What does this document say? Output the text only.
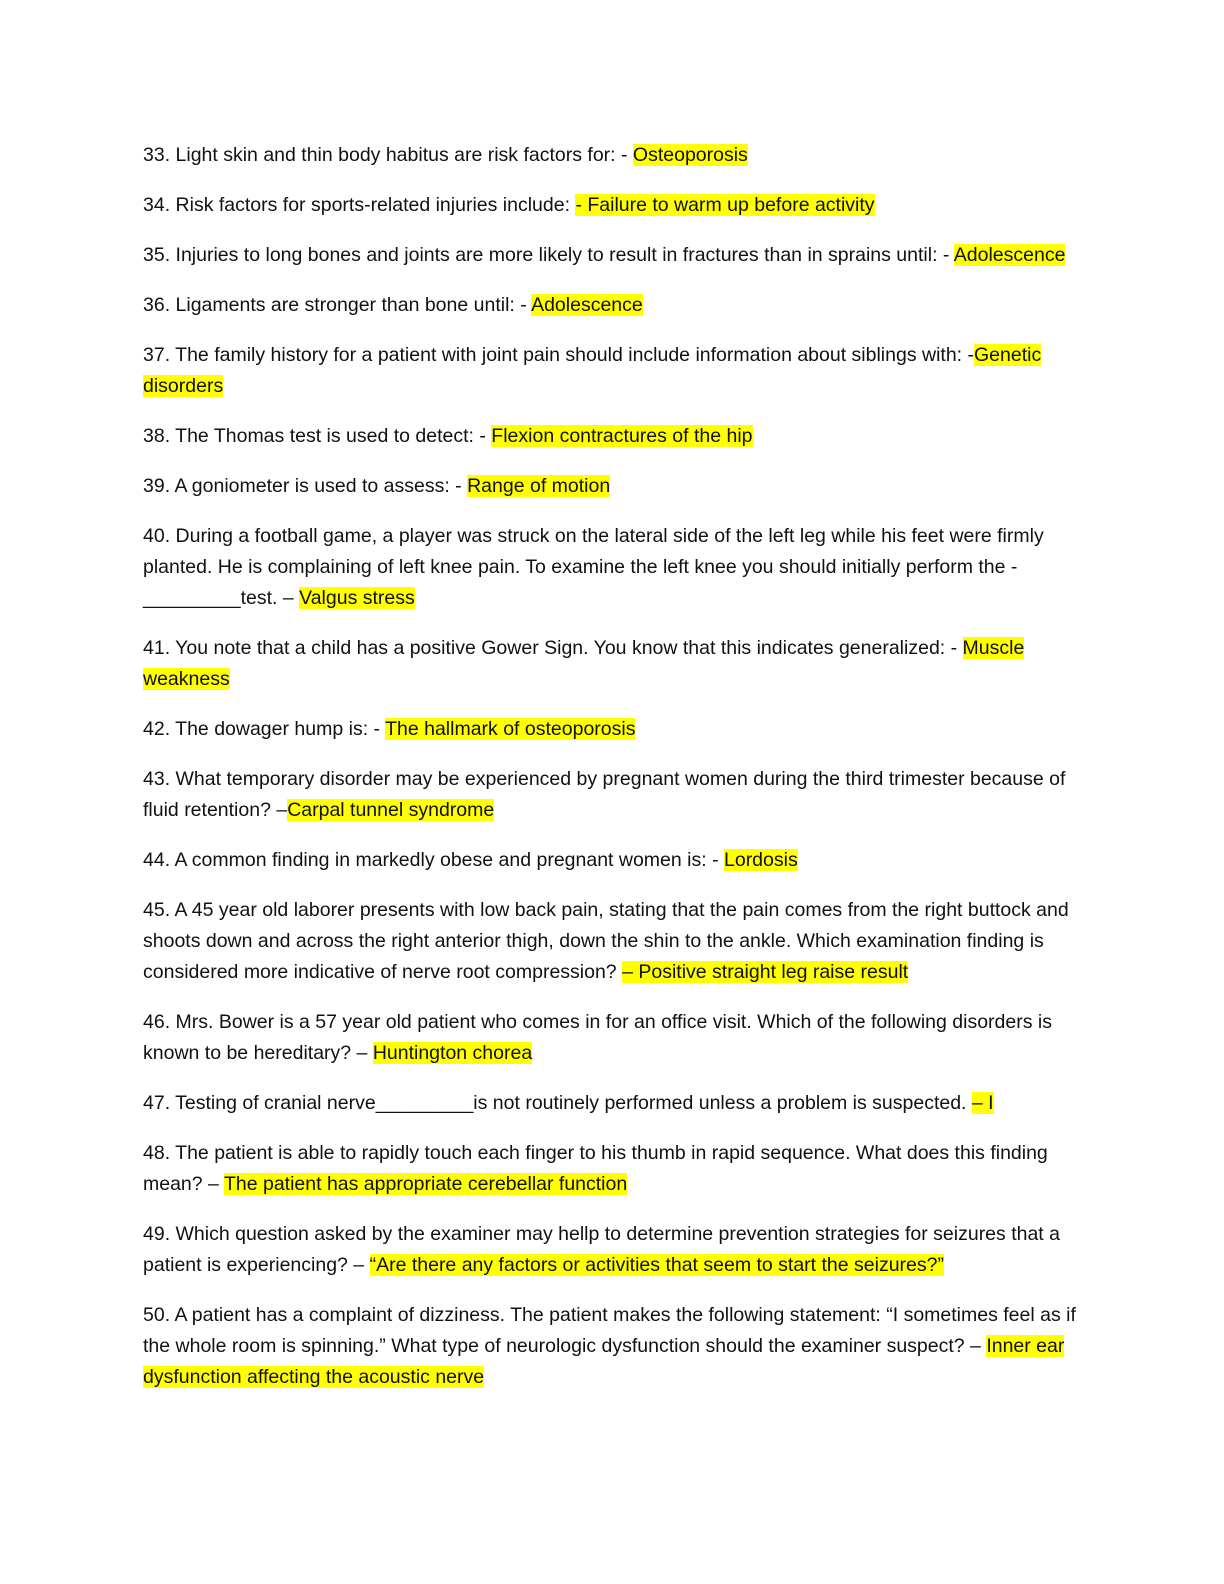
33. Light skin and thin body habitus are risk factors for: - Osteoporosis

34. Risk factors for sports-related injuries include: - Failure to warm up before activity

35. Injuries to long bones and joints are more likely to result in fractures than in sprains until: - Adolescence

36. Ligaments are stronger than bone until: - Adolescence

37. The family history for a patient with joint pain should include information about siblings with: -Genetic disorders

38. The Thomas test is used to detect: - Flexion contractures of the hip

39. A goniometer is used to assess: - Range of motion

40. During a football game, a player was struck on the lateral side of the left leg while his feet were firmly planted. He is complaining of left knee pain. To examine the left knee you should initially perform the - _________test. – Valgus stress

41. You note that a child has a positive Gower Sign. You know that this indicates generalized: - Muscle weakness

42. The dowager hump is: - The hallmark of osteoporosis

43. What temporary disorder may be experienced by pregnant women during the third trimester because of fluid retention? –Carpal tunnel syndrome

44. A common finding in markedly obese and pregnant women is: - Lordosis

45. A 45 year old laborer presents with low back pain, stating that the pain comes from the right buttock and shoots down and across the right anterior thigh, down the shin to the ankle. Which examination finding is considered more indicative of nerve root compression? – Positive straight leg raise result

46. Mrs. Bower is a 57 year old patient who comes in for an office visit. Which of the following disorders is known to be hereditary? – Huntington chorea

47. Testing of cranial nerve_________is not routinely performed unless a problem is suspected. – I

48. The patient is able to rapidly touch each finger to his thumb in rapid sequence. What does this finding mean? – The patient has appropriate cerebellar function

49. Which question asked by the examiner may hellp to determine prevention strategies for seizures that a patient is experiencing? – “Are there any factors or activities that seem to start the seizures?”

50. A patient has a complaint of dizziness. The patient makes the following statement: “I sometimes feel as if the whole room is spinning.” What type of neurologic dysfunction should the examiner suspect? – Inner ear dysfunction affecting the acoustic nerve
